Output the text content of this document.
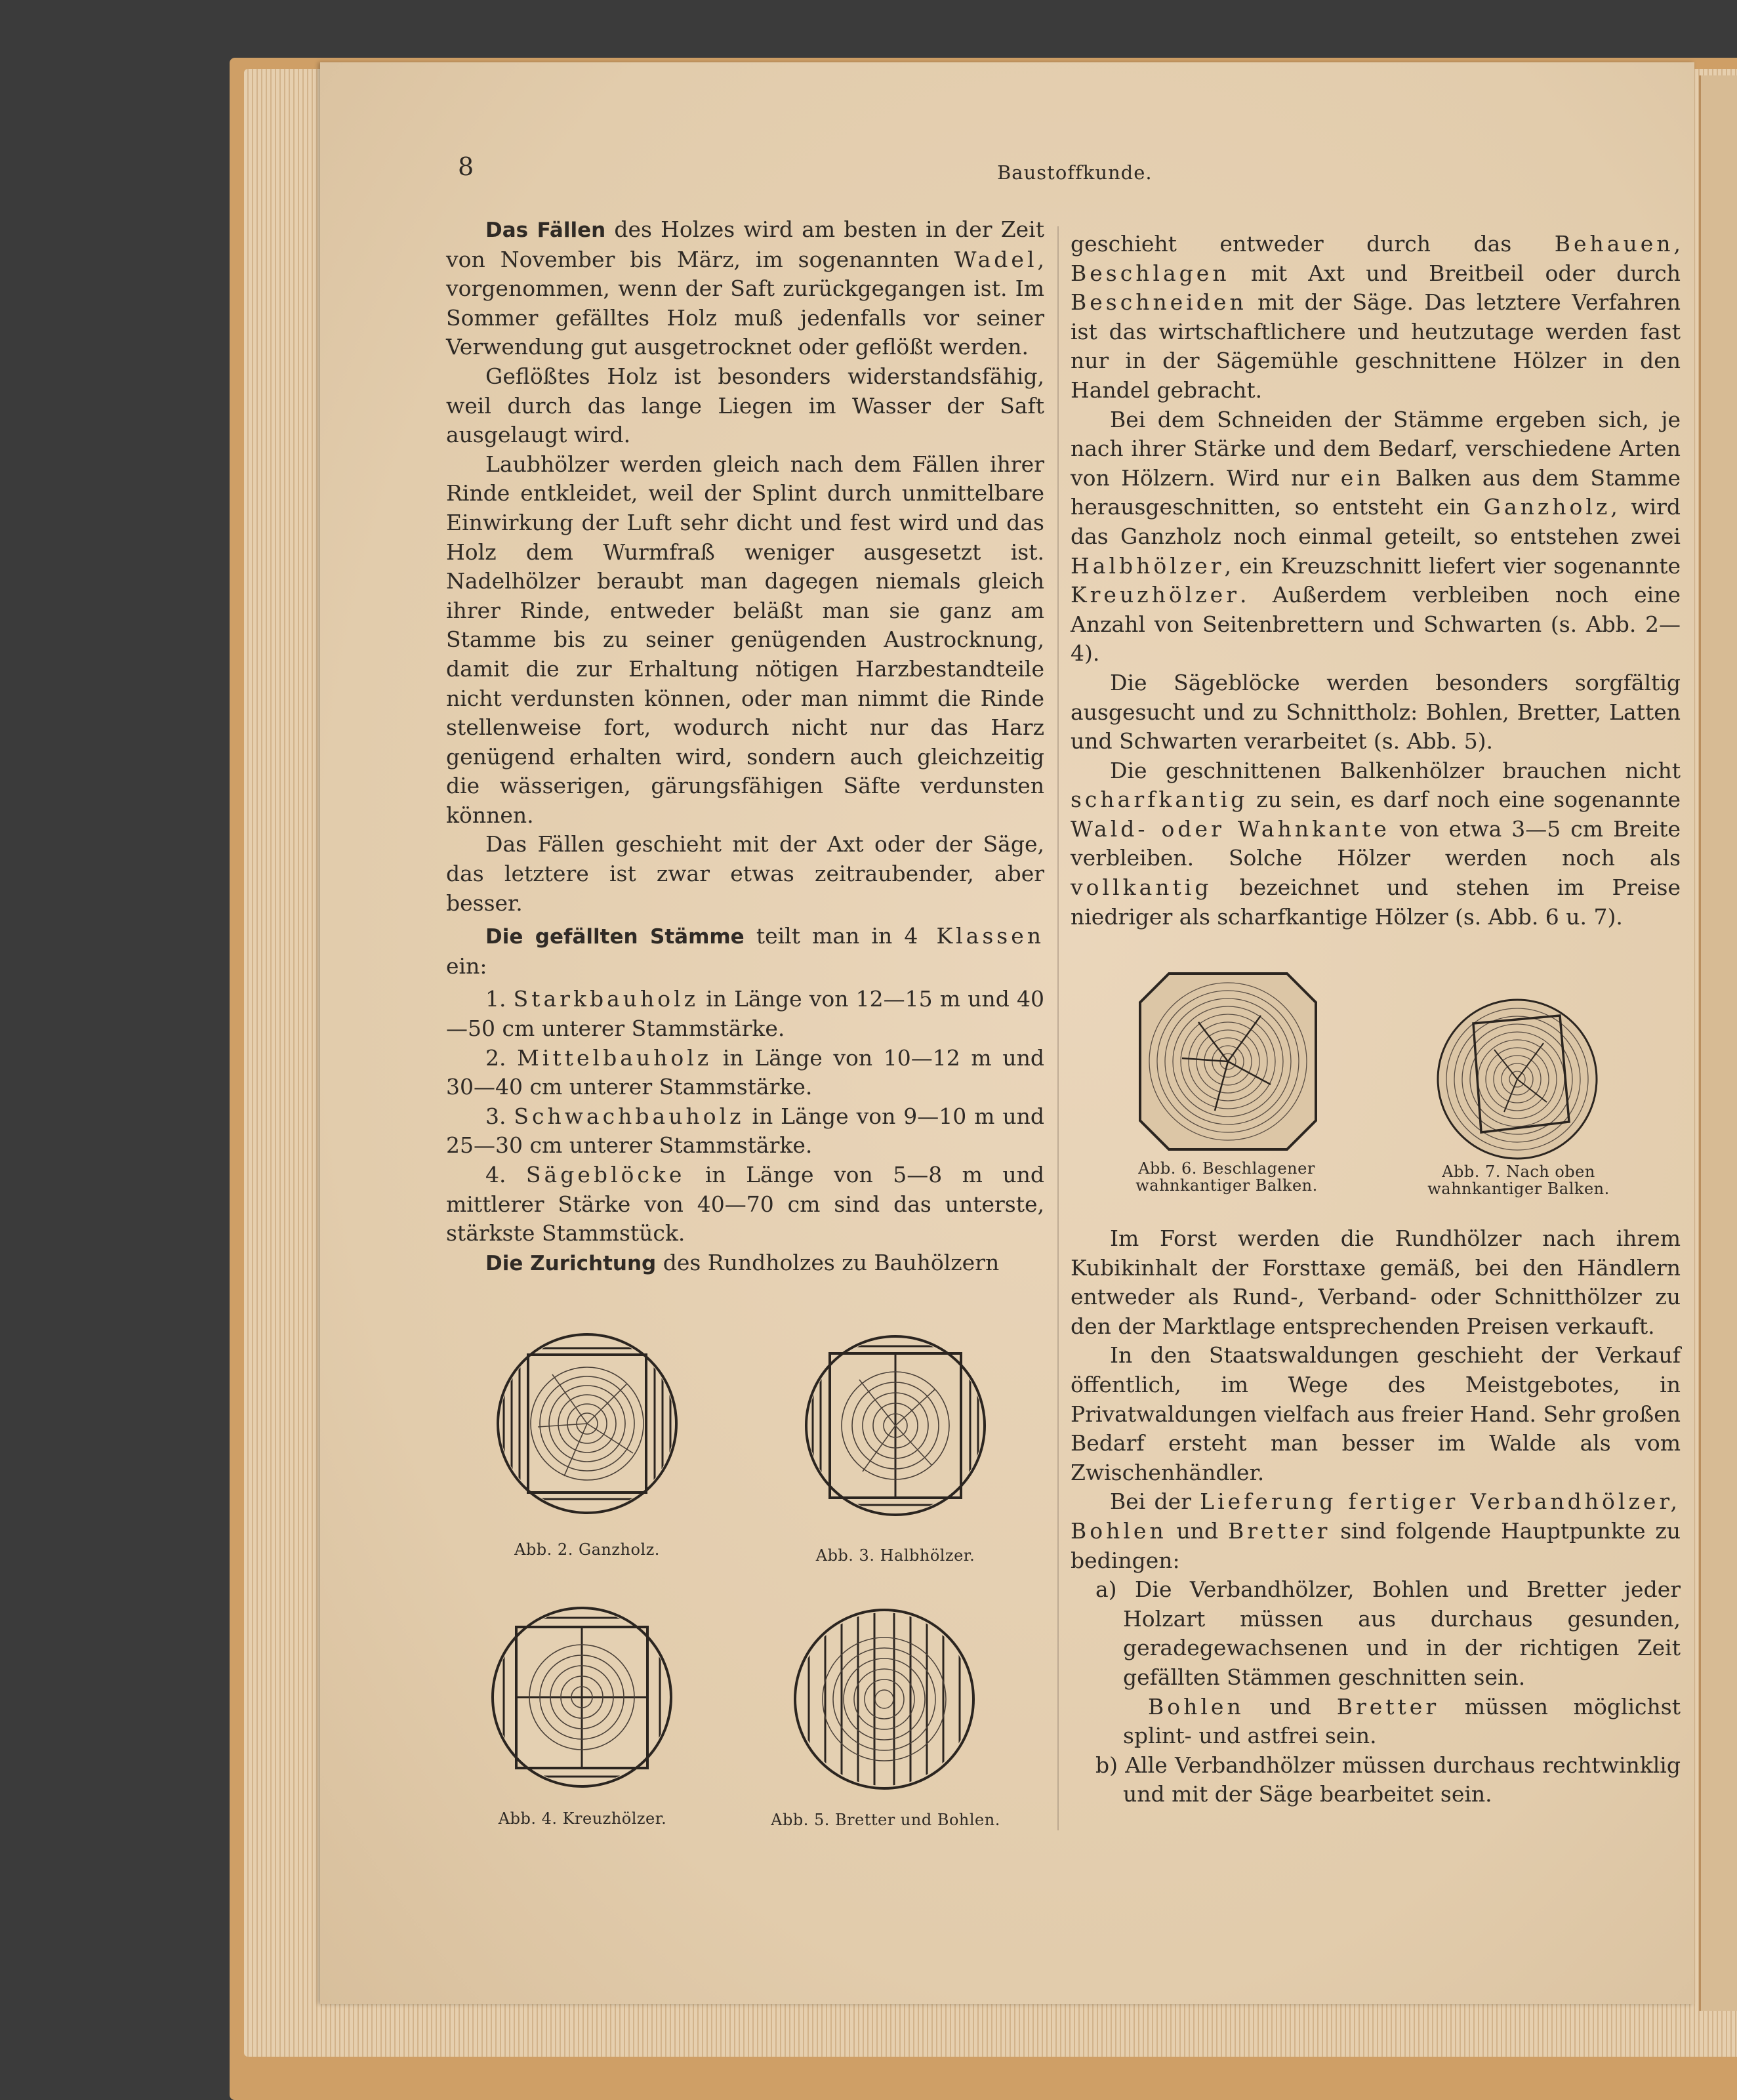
8	Baustoffkunde.

Das Fällen des Holzes wird am besten in der Zeit von November bis März, im sogenannten Wadel, vorgenommen, wenn der Saft zurückgegangen ist. Im Sommer gefälltes Holz muß jedenfalls vor seiner Verwendung gut ausgetrocknet oder geflößt werden.

Geflößtes Holz ist besonders widerstandsfähig, weil durch das lange Liegen im Wasser der Saft ausgelaugt wird.

Laubhölzer werden gleich nach dem Fällen ihrer Rinde entkleidet, weil der Splint durch unmittelbare Einwirkung der Luft sehr dicht und fest wird und das Holz dem Wurmfraß weniger ausgesetzt ist. Nadelhölzer beraubt man dagegen niemals gleich ihrer Rinde, entweder beläßt man sie ganz am Stamme bis zu seiner genügenden Austrocknung, damit die zur Erhaltung nötigen Harzbestandteile nicht verdunsten können, oder man nimmt die Rinde stellenweise fort, wodurch nicht nur das Harz genügend erhalten wird, sondern auch gleichzeitig die wässerigen, gärungsfähigen Säfte verdunsten können.

Das Fällen geschieht mit der Axt oder der Säge, das letztere ist zwar etwas zeitraubender, aber besser.

Die gefällten Stämme teilt man in 4 Klassen ein:

1. Starkbauholz in Länge von 12—15 m und 40—50 cm unterer Stammstärke.

2. Mittelbauholz in Länge von 10—12 m und 30—40 cm unterer Stammstärke.

3. Schwachbauholz in Länge von 9—10 m und 25—30 cm unterer Stammstärke.

4. Sägeblöcke in Länge von 5—8 m und mittlerer Stärke von 40—70 cm sind das unterste, stärkste Stammstück.

Die Zurichtung des Rundholzes zu Bauhölzern

Abb. 2. Ganzholz.	Abb. 3. Halbhölzer.
Abb. 4. Kreuzhölzer.	Abb. 5. Bretter und Bohlen.

geschieht entweder durch das Behauen, Beschlagen mit Axt und Breitbeil oder durch Beschneiden mit der Säge. Das letztere Verfahren ist das wirtschaftlichere und heutzutage werden fast nur in der Sägemühle geschnittene Hölzer in den Handel gebracht.

Bei dem Schneiden der Stämme ergeben sich, je nach ihrer Stärke und dem Bedarf, verschiedene Arten von Hölzern. Wird nur ein Balken aus dem Stamme herausgeschnitten, so entsteht ein Ganzholz, wird das Ganzholz noch einmal geteilt, so entstehen zwei Halbhölzer, ein Kreuzschnitt liefert vier sogenannte Kreuzhölzer. Außerdem verbleiben noch eine Anzahl von Seitenbrettern und Schwarten (s. Abb. 2—4).

Die Sägeblöcke werden besonders sorgfältig ausgesucht und zu Schnittholz: Bohlen, Bretter, Latten und Schwarten verarbeitet (s. Abb. 5).

Die geschnittenen Balkenhölzer brauchen nicht scharfkantig zu sein, es darf noch eine sogenannte Wald- oder Wahnkante von etwa 3—5 cm Breite verbleiben. Solche Hölzer werden noch als vollkantig bezeichnet und stehen im Preise niedriger als scharfkantige Hölzer (s. Abb. 6 u. 7).

Abb. 6. Beschlagener
wahnkantiger Balken.
Abb. 7. Nach oben
wahnkantiger Balken.

Im Forst werden die Rundhölzer nach ihrem Kubikinhalt der Forsttaxe gemäß, bei den Händlern entweder als Rund-, Verband- oder Schnitthölzer zu den der Marktlage entsprechenden Preisen verkauft.

In den Staatswaldungen geschieht der Verkauf öffentlich, im Wege des Meistgebotes, in Privatwaldungen vielfach aus freier Hand. Sehr großen Bedarf ersteht man besser im Walde als vom Zwischenhändler.

Bei der Lieferung fertiger Verbandhölzer, Bohlen und Bretter sind folgende Hauptpunkte zu bedingen:

a) Die Verbandhölzer, Bohlen und Bretter jeder Holzart müssen aus durchaus gesunden, geradegewachsenen und in der richtigen Zeit gefällten Stämmen geschnitten sein.

Bohlen und Bretter müssen möglichst splint- und astfrei sein.

b) Alle Verbandhölzer müssen durchaus rechtwinklig und mit der Säge bearbeitet sein.
